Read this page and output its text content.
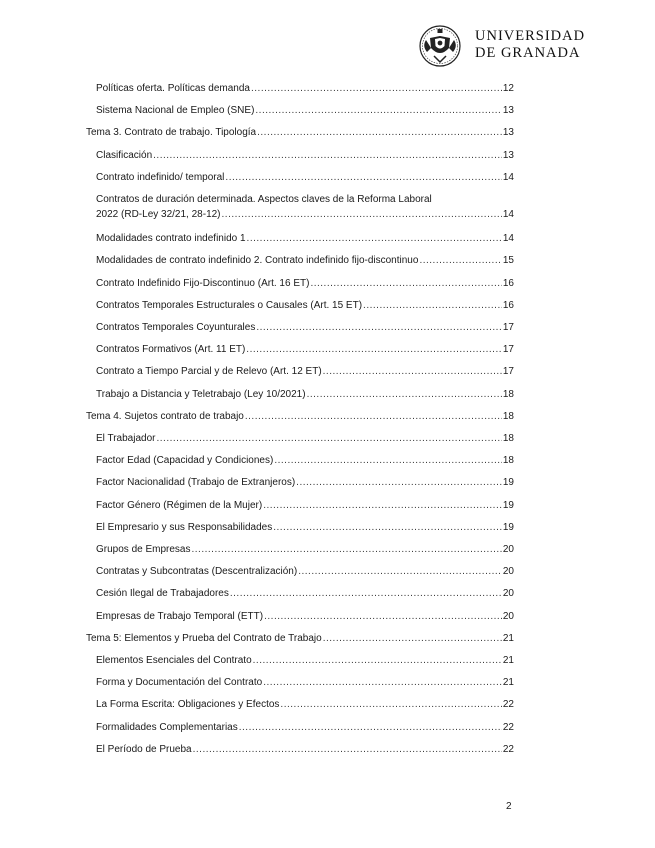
UNIVERSIDAD
DE GRANADA
Políticas oferta. Políticas demanda .....	12
Sistema Nacional de Empleo (SNE) .....	13
Tema 3. Contrato de trabajo. Tipología .....	13
Clasificación .....	13
Contrato indefinido/ temporal .....	14
Contratos de duración determinada. Aspectos claves de la Reforma Laboral
2022 (RD-Ley 32/21, 28-12) .....	14
Modalidades contrato indefinido 1 .....	14
Modalidades de contrato indefinido 2. Contrato indefinido fijo-discontinuo .....	15
Contrato Indefinido Fijo-Discontinuo (Art. 16 ET) .....	16
Contratos Temporales Estructurales o Causales (Art. 15 ET) .....	16
Contratos Temporales Coyunturales .....	17
Contratos Formativos (Art. 11 ET) .....	17
Contrato a Tiempo Parcial y de Relevo (Art. 12 ET) .....	17
Trabajo a Distancia y Teletrabajo (Ley 10/2021) .....	18
Tema 4. Sujetos contrato de trabajo .....	18
El Trabajador .....	18
Factor Edad (Capacidad y Condiciones) .....	18
Factor Nacionalidad (Trabajo de Extranjeros) .....	19
Factor Género (Régimen de la Mujer) .....	19
El Empresario y sus Responsabilidades .....	19
Grupos de Empresas .....	20
Contratas y Subcontratas (Descentralización) .....	20
Cesión Ilegal de Trabajadores .....	20
Empresas de Trabajo Temporal (ETT) .....	20
Tema 5: Elementos y Prueba del Contrato de Trabajo .....	21
Elementos Esenciales del Contrato .....	21
Forma y Documentación del Contrato .....	21
La Forma Escrita: Obligaciones y Efectos .....	22
Formalidades Complementarias .....	22
El Período de Prueba .....	22
2
